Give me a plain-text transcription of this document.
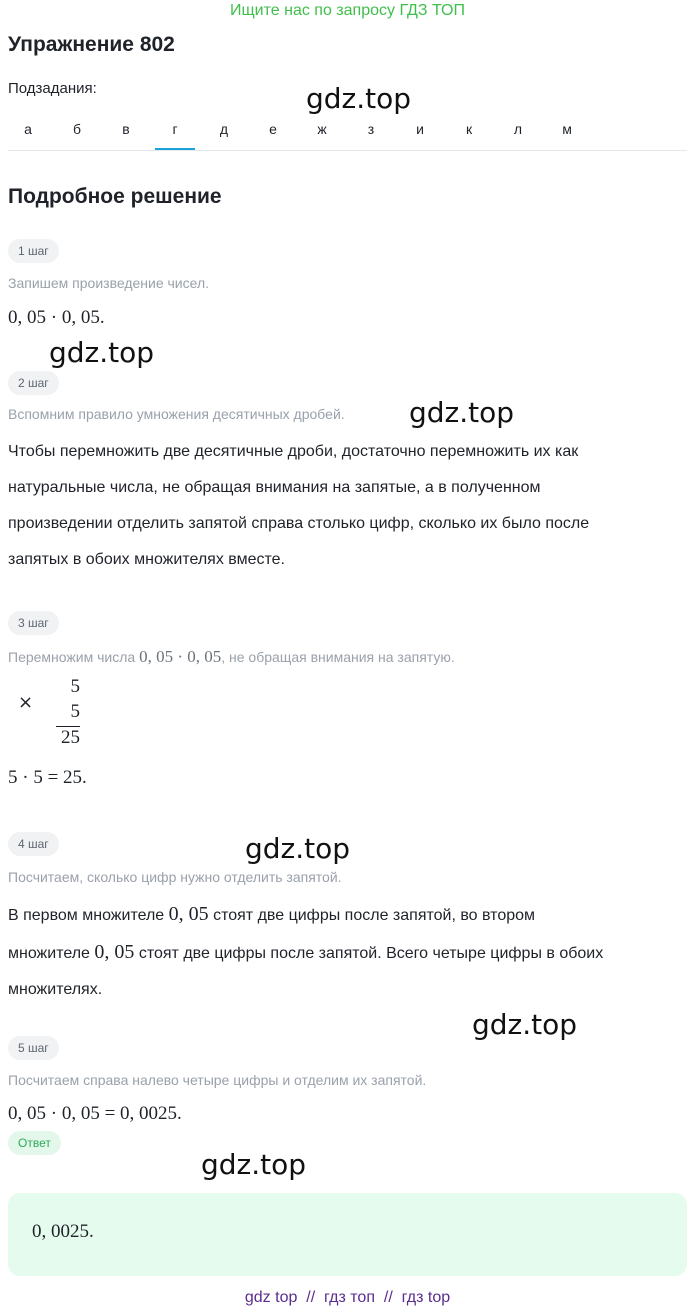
Ищите нас по запросу ГДЗ ТОП
Упражнение 802
Подзадания:	gdz.top
а	б	в	г	д	е	ж	з	и	к	л	м
Подробное решение
1 шаг
Запишем произведение чисел.
0, 05 · 0, 05.
gdz.top
2 шаг
Вспомним правило умножения десятичных дробей. gdz.top
Чтобы перемножить две десятичные дроби, достаточно перемножить их как
натуральные числа, не обращая внимания на запятые, а в полученном
произведении отделить запятой справа столько цифр, сколько их было после
запятых в обоих множителях вместе.
3 шаг
Перемножим числа 0, 05 · 0, 05, не обращая внимания на запятую.
×
5
5
25
5 · 5 = 25.
4 шаг	gdz.top
Посчитаем, сколько цифр нужно отделить запятой.
В первом множителе 0, 05 стоят две цифры после запятой, во втором
множителе 0, 05 стоят две цифры после запятой. Всего четыре цифры в обоих
множителях.
gdz.top
5 шаг
Посчитаем справа налево четыре цифры и отделим их запятой.
0, 05 · 0, 05 = 0, 0025.
Ответ
gdz.top
0, 0025.
gdz top  //  гдз топ  //  гдз top
